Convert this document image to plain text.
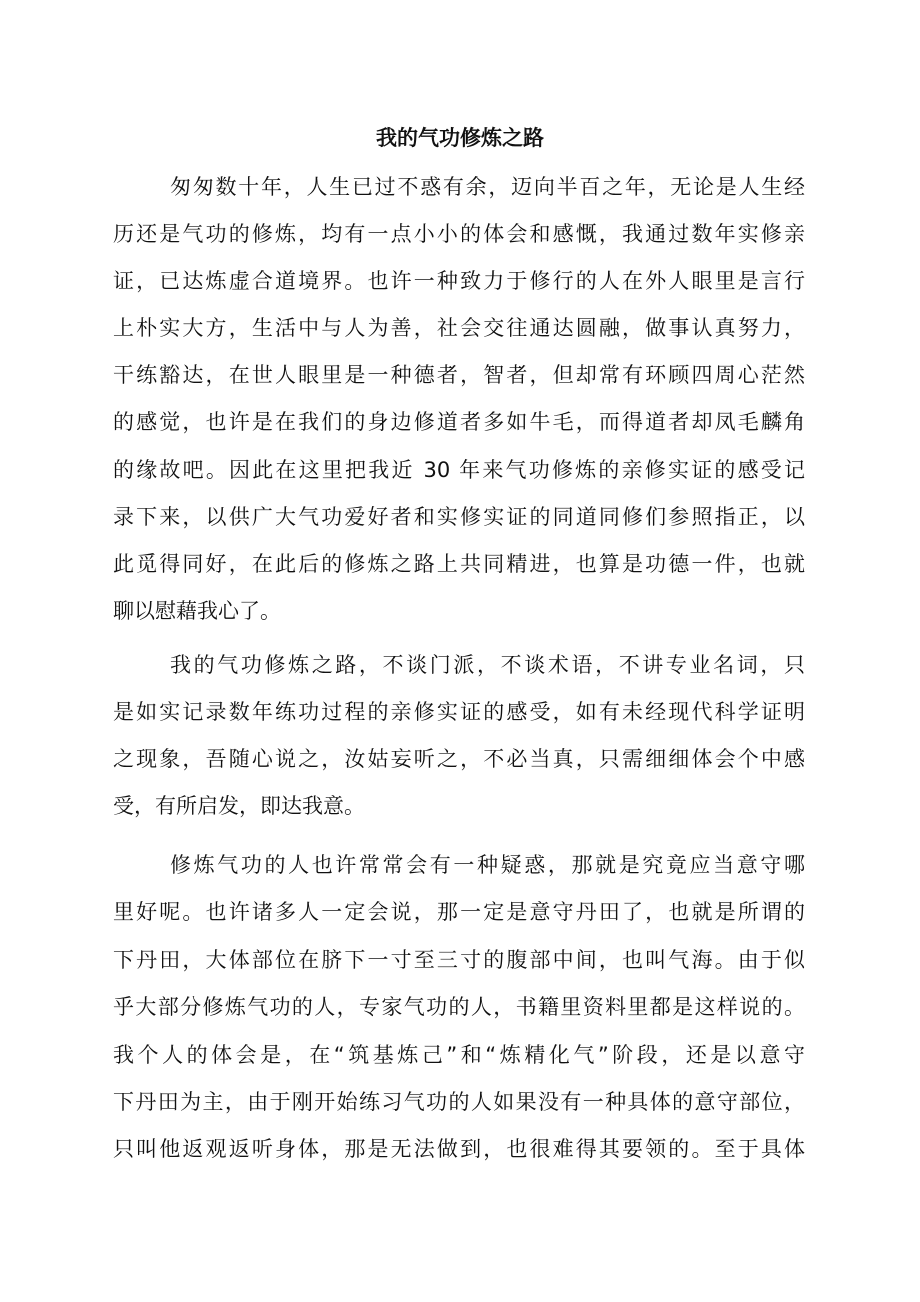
我的气功修炼之路
匆匆数十年，人生已过不惑有余，迈向半百之年，无论是人生经
历还是气功的修炼，均有一点小小的体会和感慨，我通过数年实修亲
证，已达炼虚合道境界。也许一种致力于修行的人在外人眼里是言行
上朴实大方，生活中与人为善，社会交往通达圆融，做事认真努力，
干练豁达，在世人眼里是一种德者，智者，但却常有环顾四周心茫然
的感觉，也许是在我们的身边修道者多如牛毛，而得道者却凤毛麟角
的缘故吧。因此在这里把我近 30 年来气功修炼的亲修实证的感受记
录下来，以供广大气功爱好者和实修实证的同道同修们参照指正，以
此觅得同好，在此后的修炼之路上共同精进，也算是功德一件，也就
聊以慰藉我心了。
我的气功修炼之路，不谈门派，不谈术语，不讲专业名词，只
是如实记录数年练功过程的亲修实证的感受，如有未经现代科学证明
之现象，吾随心说之，汝姑妄听之，不必当真，只需细细体会个中感
受，有所启发，即达我意。
修炼气功的人也许常常会有一种疑惑，那就是究竟应当意守哪
里好呢。也许诸多人一定会说，那一定是意守丹田了，也就是所谓的
下丹田，大体部位在脐下一寸至三寸的腹部中间，也叫气海。由于似
乎大部分修炼气功的人，专家气功的人，书籍里资料里都是这样说的。
我个人的体会是，在“筑基炼己”和“炼精化气”阶段，还是以意守
下丹田为主，由于刚开始练习气功的人如果没有一种具体的意守部位，
只叫他返观返听身体，那是无法做到，也很难得其要领的。至于具体
